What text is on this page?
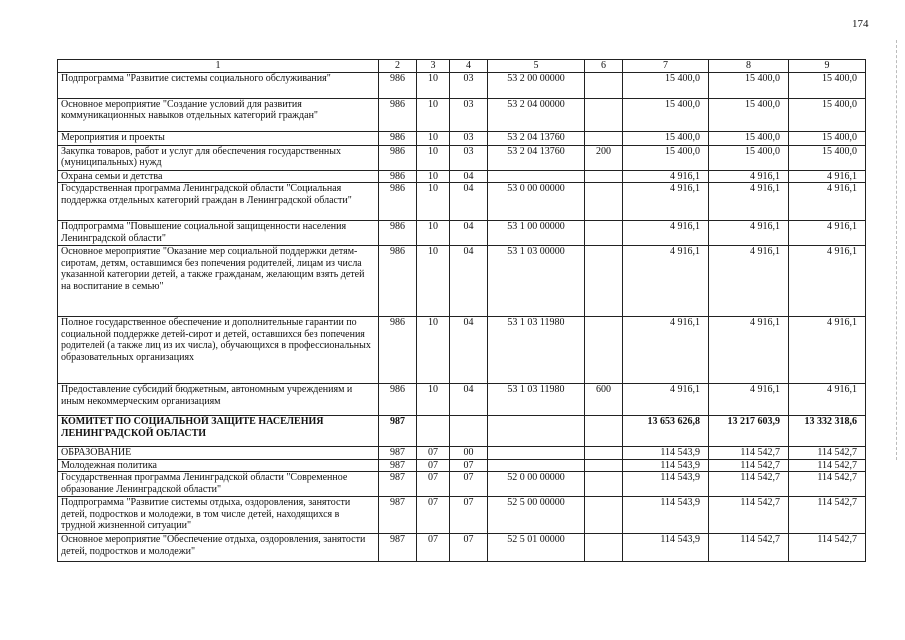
174
1	2	3	4	5	6	7	8	9
Подпрограмма "Развитие системы социального обслуживания"	986	10	03	53 2 00 00000		15 400,0	15 400,0	15 400,0
Основное мероприятие "Создание условий для развития коммуникационных навыков отдельных категорий граждан"	986	10	03	53 2 04 00000		15 400,0	15 400,0	15 400,0
Мероприятия и проекты	986	10	03	53 2 04 13760		15 400,0	15 400,0	15 400,0
Закупка товаров, работ и услуг для обеспечения государственных (муниципальных) нужд	986	10	03	53 2 04 13760	200	15 400,0	15 400,0	15 400,0
Охрана семьи и детства	986	10	04			4 916,1	4 916,1	4 916,1
Государственная программа Ленинградской области "Социальная поддержка отдельных категорий граждан в Ленинградской области"	986	10	04	53 0 00 00000		4 916,1	4 916,1	4 916,1
Подпрограмма "Повышение социальной защищенности населения Ленинградской области"	986	10	04	53 1 00 00000		4 916,1	4 916,1	4 916,1
Основное мероприятие "Оказание мер социальной поддержки детям-сиротам, детям, оставшимся без попечения родителей, лицам из числа указанной категории детей, а также гражданам, желающим взять детей на воспитание в семью"	986	10	04	53 1 03 00000		4 916,1	4 916,1	4 916,1
Полное государственное обеспечение и дополнительные гарантии по социальной поддержке детей-сирот и детей, оставшихся без попечения родителей (а также лиц из их числа), обучающихся в профессиональных образовательных организациях	986	10	04	53 1 03 11980		4 916,1	4 916,1	4 916,1
Предоставление субсидий бюджетным, автономным учреждениям и иным некоммерческим организациям	986	10	04	53 1 03 11980	600	4 916,1	4 916,1	4 916,1
КОМИТЕТ ПО СОЦИАЛЬНОЙ ЗАЩИТЕ НАСЕЛЕНИЯ ЛЕНИНГРАДСКОЙ ОБЛАСТИ	987					13 653 626,8	13 217 603,9	13 332 318,6
ОБРАЗОВАНИЕ	987	07	00			114 543,9	114 542,7	114 542,7
Молодежная политика	987	07	07			114 543,9	114 542,7	114 542,7
Государственная программа Ленинградской области "Современное образование Ленинградской области"	987	07	07	52 0 00 00000		114 543,9	114 542,7	114 542,7
Подпрограмма "Развитие системы отдыха, оздоровления, занятости детей, подростков и молодежи, в том числе детей, находящихся в трудной жизненной ситуации"	987	07	07	52 5 00 00000		114 543,9	114 542,7	114 542,7
Основное мероприятие "Обеспечение отдыха, оздоровления, занятости детей, подростков и молодежи"	987	07	07	52 5 01 00000		114 543,9	114 542,7	114 542,7
